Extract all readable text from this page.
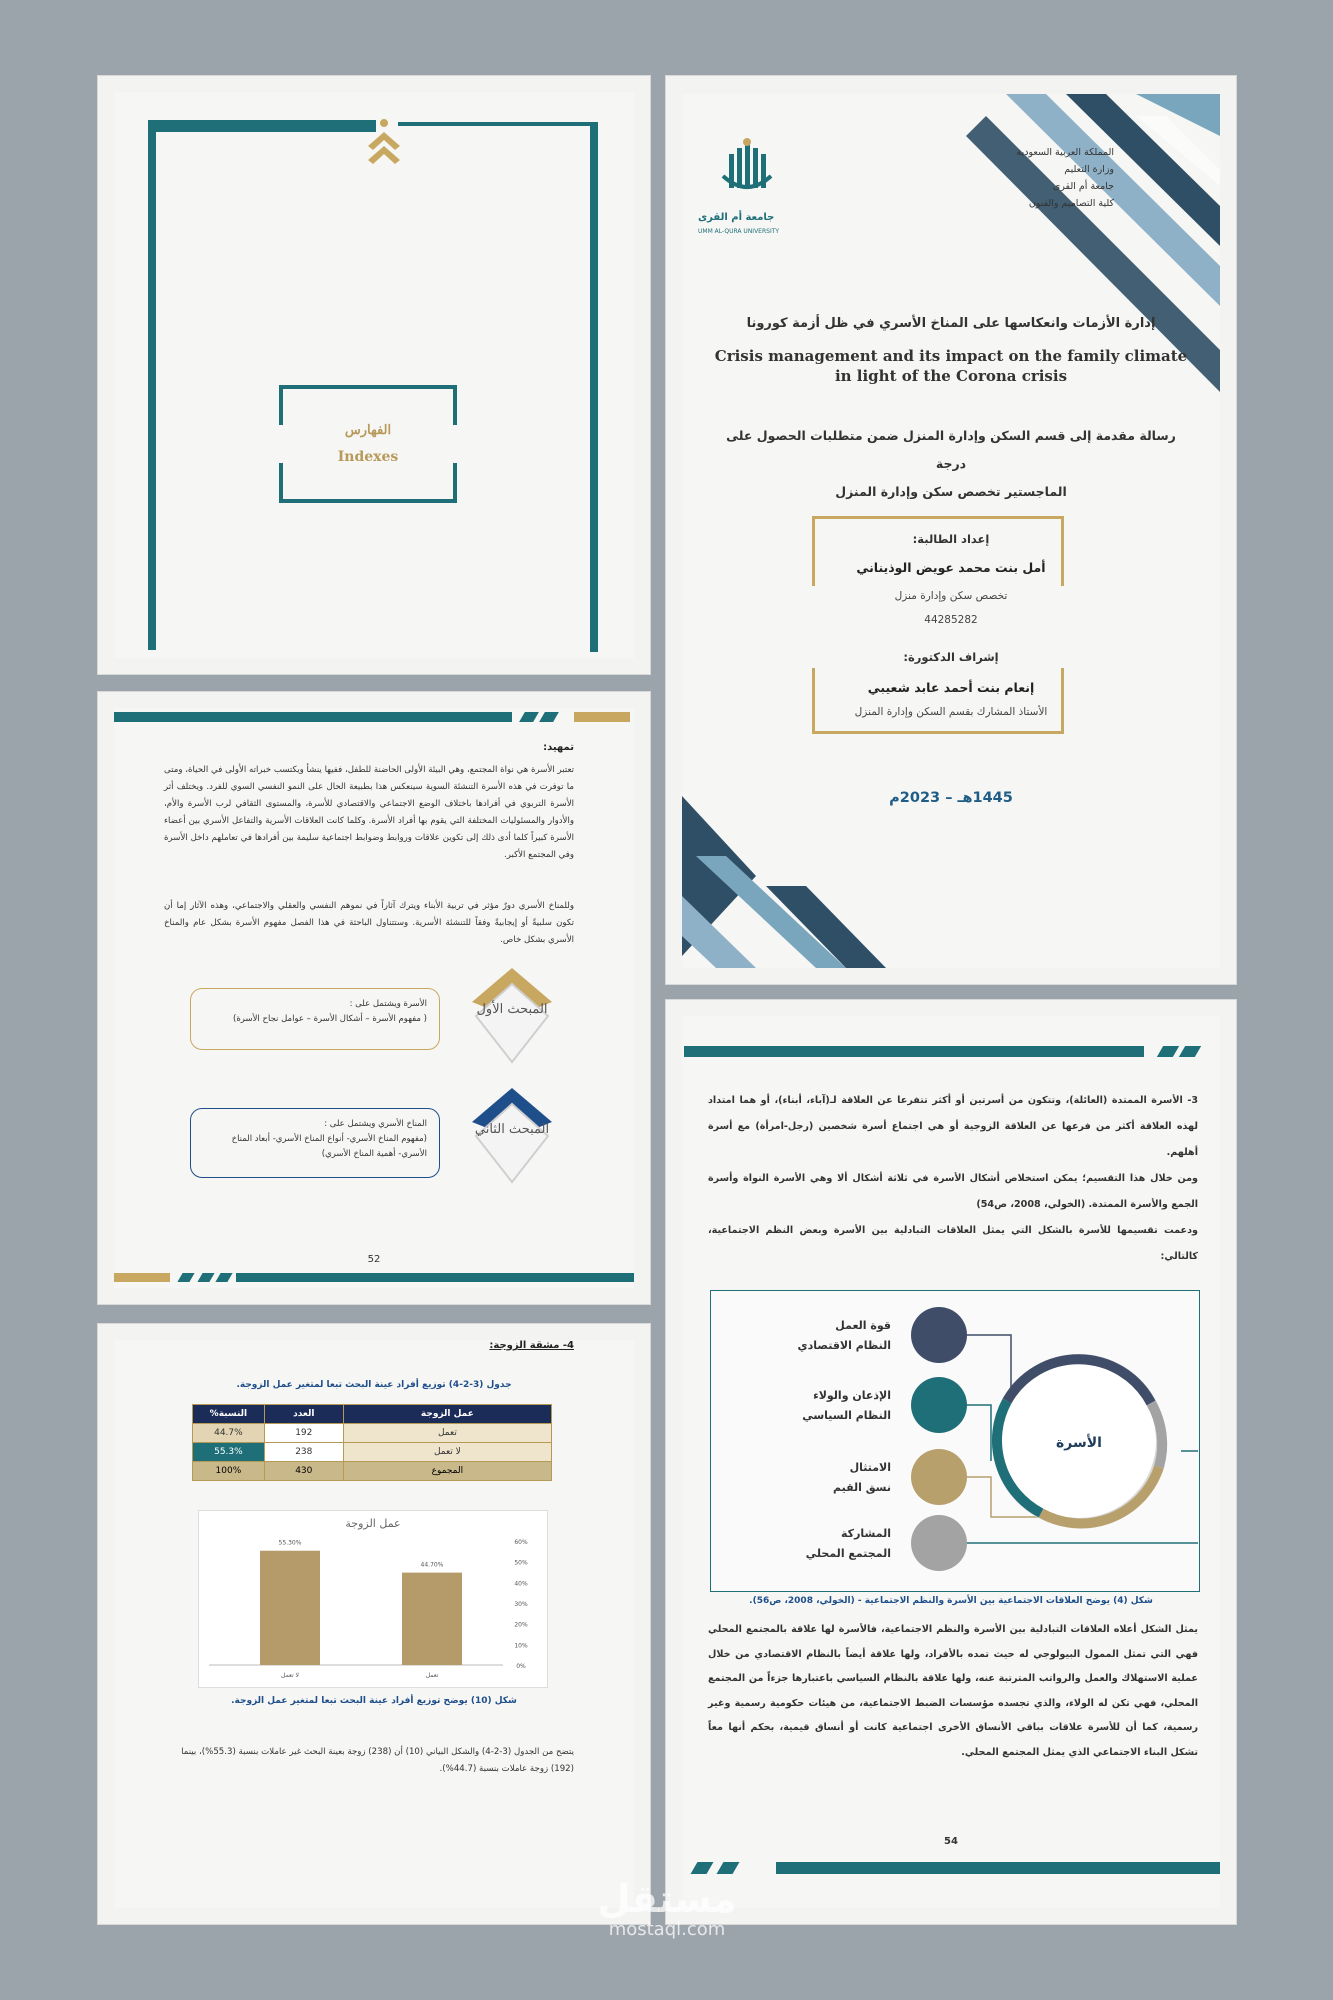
الفهارس
Indexes
جامعة أم القرى
UMM AL-QURA UNIVERSITY
المملكة العربية السعودية
وزارة التعليم
جامعة أم القرى
كلية التصاميم والفنون
إدارة الأزمات وانعكاسها على المناخ الأسري في ظل أزمة كورونا
Crisis management and its impact on the family climate in light of the Corona crisis
رسالة مقدمة إلى قسم السكن وإدارة المنزل ضمن متطلبات الحصول على درجة
الماجستير تخصص سكن وإدارة المنزل
إعداد الطالبة:
أمل بنت محمد عويض الوذيناني
تخصص سكن وإدارة منزل
44285282
إشراف الدكتورة:
إنعام بنت أحمد عابد شعيبي
الأستاذ المشارك بقسم السكن وإدارة المنزل
1445هـ – 2023م
تمهيد:
تعتبر الأسرة هي نواة المجتمع، وهي البيئة الأولى الحاضنة للطفل، ففيها ينشأ ويكتسب خبراته الأولى في الحياة، ومتى ما توفرت في هذه الأسرة التنشئة السوية سينعكس هذا بطبيعة الحال على النمو النفسي السوي للفرد. ويختلف أثر الأسرة التربوي في أفرادها باختلاف الوضع الاجتماعي والاقتصادي للأسرة، والمستوى الثقافي لرب الأسرة والأم، والأدوار والمسئوليات المختلفة التي يقوم بها أفراد الأسرة. وكلما كانت العلاقات الأسرية والتفاعل الأسري بين أعضاء الأسرة كبيراً كلما أدى ذلك إلى تكوين علاقات وروابط وضوابط اجتماعية سليمة بين أفرادها في تعاملهم داخل الأسرة وفي المجتمع الأكبر.
وللمناخ الأسري دورٌ مؤثر في تربية الأبناء ويترك آثاراً في نموهم النفسي والعقلي والاجتماعي، وهذه الآثار إما أن تكون سلبيةً أو إيجابيةً وفقاً للتنشئة الأسرية. وستتناول الباحثة في هذا الفصل مفهوم الأسرة بشكل عام والمناخ الأسري بشكل خاص.
الأسرة ويشتمل على :
( مفهوم الأسرة – أشكال الأسرة – عوامل نجاح الأسرة)
المبحث الأول
المناخ الأسري ويشتمل على :
(مفهوم المناخ الأسري- أنواع المناخ الأسري- أبعاد المناخ الأسري- أهمية المناخ الأسري)
المبحث الثاني
52
4- مشقة الزوجة:
جدول (3-2-4) توزيع أفراد عينة البحث تبعا لمتغير عمل الزوجة.
عمل الزوجة	العدد	النسبة%
تعمل	192	44.7%
لا تعمل	238	55.3%
المجموع	430	100%
عمل الزوجة
0%
10%
20%
30%
40%
50%
60%
55.30%
لا تعمل
44.70%
تعمل
شكل (10) يوضح توزيع أفراد عينة البحث تبعا لمتغير عمل الزوجة.
يتضح من الجدول (3-2-4) والشكل البياني (10) أن (238) زوجة بعينة البحث غير عاملات بنسبة (55.3%)، بينما (192) زوجة عاملات بنسبة (44.7%).
3- الأسرة الممتدة (العائلة)، وتتكون من أسرتين أو أكثر تتفرعا عن العلاقة لـ(آباء، أبناء)، أو هما امتداد لهذه العلاقة أكثر من فرعها عن العلاقة الزوجية أو هي اجتماع أسرة شخصين (رجل-امرأة) مع أسرة أهلهم.
ومن خلال هذا التقسيم؛ يمكن استخلاص أشكال الأسرة في ثلاثة أشكال ألا وهي الأسرة النواة وأسرة الجمع والأسرة الممتدة. (الخولي، 2008، ص54)
ودعمت تقسيمها للأسرة بالشكل التي يمثل العلاقات التبادلية بين الأسرة وبعض النظم الاجتماعية، كالتالي:
الأسرة
قوة العمل
النظام الاقتصادي
الإذعان والولاء
النظام السياسي
الامتثال
نسق القيم
المشاركة
المجتمع المحلي
شكل (4) يوضح العلاقات الاجتماعية بين الأسرة والنظم الاجتماعية - (الخولي، 2008، ص56).
يمثل الشكل أعلاه العلاقات التبادلية بين الأسرة والنظم الاجتماعية، فالأسرة لها علاقة بالمجتمع المحلي فهي التي تمثل الممول البيولوجي له حيث تمده بالأفراد، ولها علاقة أيضاً بالنظام الاقتصادي من خلال عملية الاستهلاك والعمل والرواتب المترتبة عنه، ولها علاقة بالنظام السياسي باعتبارها جزءاً من المجتمع المحلي، فهي تكن له الولاء، والذي تجسده مؤسسات الضبط الاجتماعية، من هيئات حكومية رسمية وغير رسمية، كما أن للأسرة علاقات بباقي الأنساق الأخرى اجتماعية كانت أو أنساق قيمية، بحكم أنها معاً تشكل البناء الاجتماعي الذي يمثل المجتمع المحلي.
54
مستقل
mostaql.com
